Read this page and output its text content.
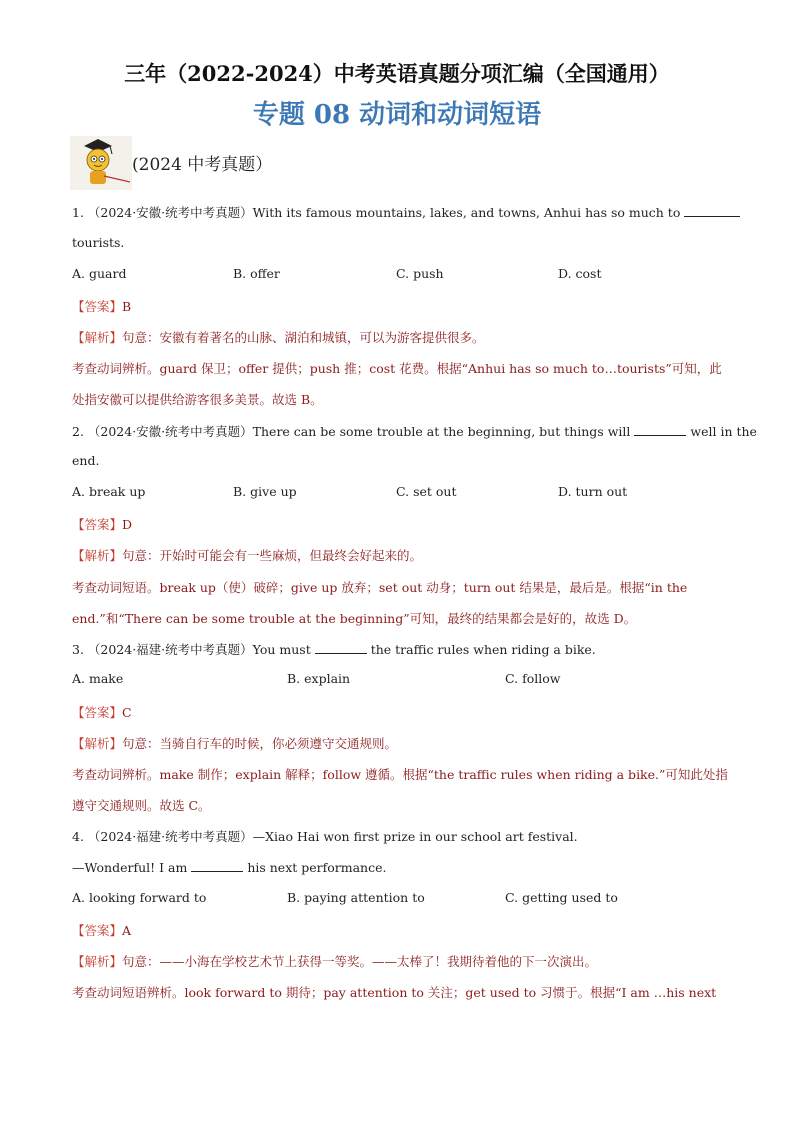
三年（2022-2024）中考英语真题分项汇编（全国通用）
专题 08 动词和动词短语
(2024 中考真题）
1. （2024·安徽·统考中考真题）With its famous mountains, lakes, and towns, Anhui has so much to
tourists.
A. guard	B. offer	C. push	D. cost
【答案】B
【解析】句意：安徽有着著名的山脉、湖泊和城镇，可以为游客提供很多。
考查动词辨析。guard 保卫；offer 提供；push 推；cost 花费。根据“Anhui has so much to…tourists”可知，此
处指安徽可以提供给游客很多美景。故选 B。
2. （2024·安徽·统考中考真题）There can be some trouble at the beginning, but things will	well in the
end.
A. break up	B. give up	C. set out	D. turn out
【答案】D
【解析】句意：开始时可能会有一些麻烦，但最终会好起来的。
考查动词短语。break up（使）破碎；give up 放弃；set out 动身；turn out 结果是，最后是。根据“in the
end.”和“There can be some trouble at the beginning”可知，最终的结果都会是好的，故选 D。
3. （2024·福建·统考中考真题）You must	the traffic rules when riding a bike.
A. make	B. explain	C. follow
【答案】C
【解析】句意：当骑自行车的时候，你必须遵守交通规则。
考查动词辨析。make 制作；explain 解释；follow 遵循。根据“the traffic rules when riding a bike.”可知此处指
遵守交通规则。故选 C。
4. （2024·福建·统考中考真题）—Xiao Hai won first prize in our school art festival.
—Wonderful! I am	his next performance.
A. looking forward to	B. paying attention to	C. getting used to
【答案】A
【解析】句意：——小海在学校艺术节上获得一等奖。——太棒了！我期待着他的下一次演出。
考查动词短语辨析。look forward to 期待；pay attention to 关注；get used to 习惯于。根据“I am …his next
